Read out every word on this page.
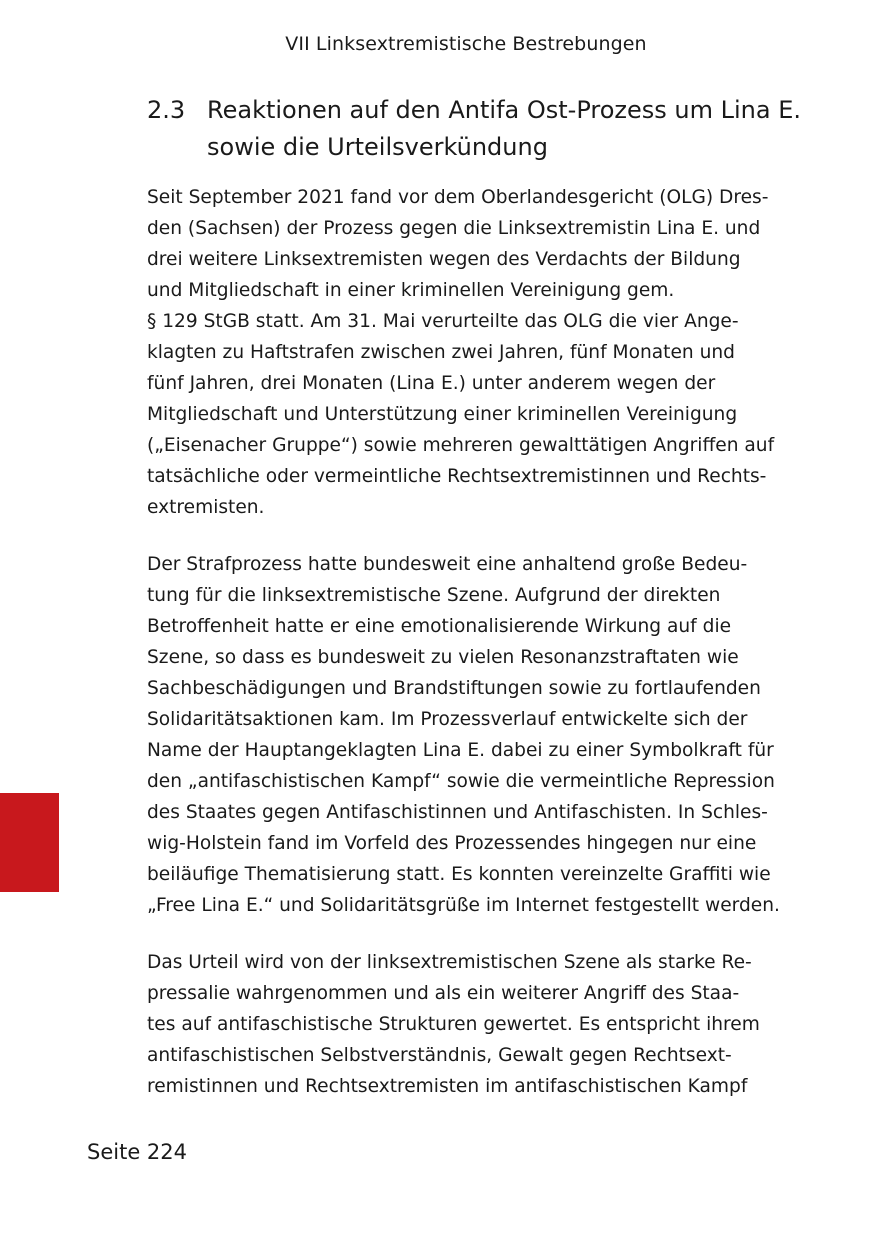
VII Linksextremistische Bestrebungen
2.3 Reaktionen auf den Antifa Ost-Prozess um Lina E.
sowie die Urteilsverkündung
Seit September 2021 fand vor dem Oberlandesgericht (OLG) Dres-
den (Sachsen) der Prozess gegen die Linksextremistin Lina E. und
drei weitere Linksextremisten wegen des Verdachts der Bildung
und Mitgliedschaft in einer kriminellen Vereinigung gem.
§ 129 StGB statt. Am 31. Mai verurteilte das OLG die vier Ange-
klagten zu Haftstrafen zwischen zwei Jahren, fünf Monaten und
fünf Jahren, drei Monaten (Lina E.) unter anderem wegen der
Mitgliedschaft und Unterstützung einer kriminellen Vereinigung
(„Eisenacher Gruppe“) sowie mehreren gewalttätigen Angriffen auf
tatsächliche oder vermeintliche Rechtsextremistinnen und Rechts-
extremisten.
Der Strafprozess hatte bundesweit eine anhaltend große Bedeu-
tung für die linksextremistische Szene. Aufgrund der direkten
Betroffenheit hatte er eine emotionalisierende Wirkung auf die
Szene, so dass es bundesweit zu vielen Resonanzstraftaten wie
Sachbeschädigungen und Brandstiftungen sowie zu fortlaufenden
Solidaritätsaktionen kam. Im Prozessverlauf entwickelte sich der
Name der Hauptangeklagten Lina E. dabei zu einer Symbolkraft für
den „antifaschistischen Kampf“ sowie die vermeintliche Repression
des Staates gegen Antifaschistinnen und Antifaschisten. In Schles-
wig-Holstein fand im Vorfeld des Prozessendes hingegen nur eine
beiläufige Thematisierung statt. Es konnten vereinzelte Graffiti wie
„Free Lina E.“ und Solidaritätsgrüße im Internet festgestellt werden.
Das Urteil wird von der linksextremistischen Szene als starke Re-
pressalie wahrgenommen und als ein weiterer Angriff des Staa-
tes auf antifaschistische Strukturen gewertet. Es entspricht ihrem
antifaschistischen Selbstverständnis, Gewalt gegen Rechtsext-
remistinnen und Rechtsextremisten im antifaschistischen Kampf
Seite 224
